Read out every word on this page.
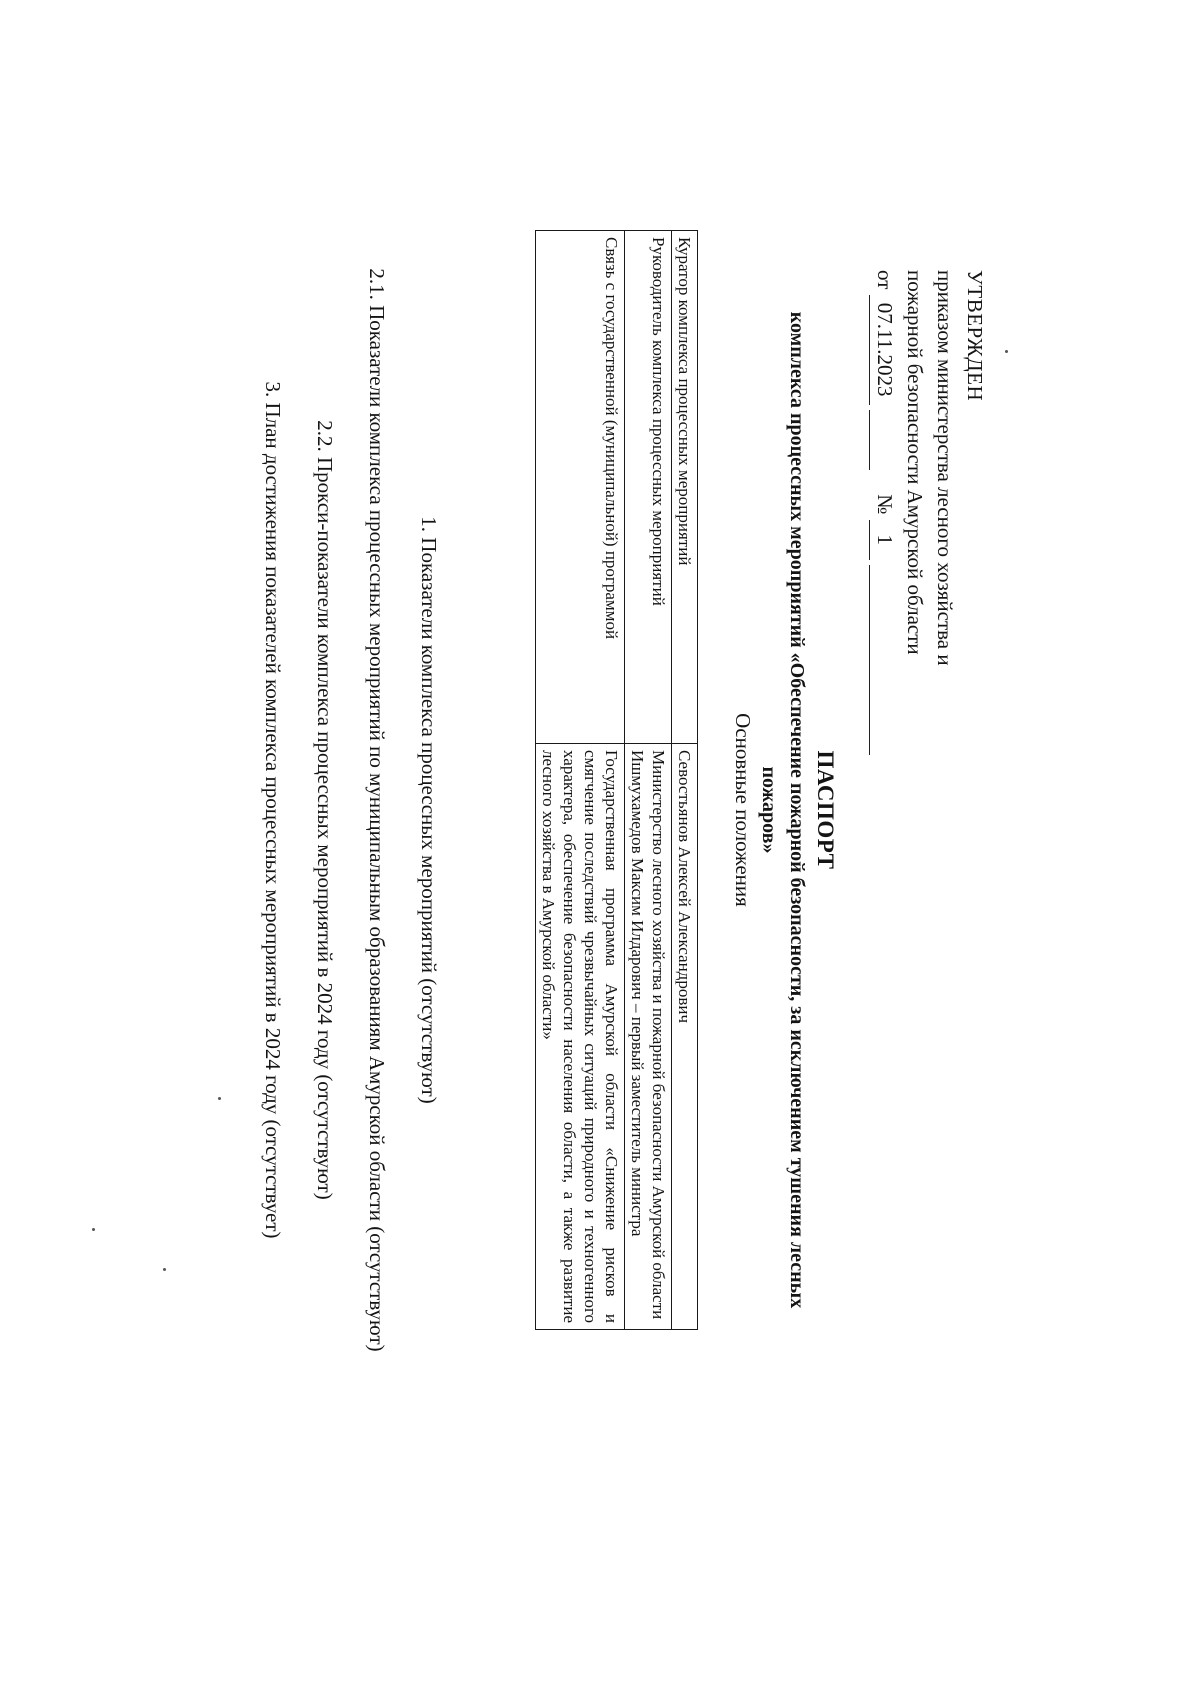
УТВЕРЖДЕН
приказом министерства лесного хозяйства и
пожарной безопасности Амурской области
от 07.11.2023   № 1
ПАСПОРТ
комплекса процессных мероприятий «Обеспечение пожарной безопасности, за исключением тушения лесных
пожаров»
Основные положения
Куратор комплекса процессных мероприятий	Севостьянов Алексей Александрович

Руководитель комплекса процессных мероприятий	Министерство лесного хозяйства и пожарной безопасности Амурской области
Ишмухамедов Максим Илдарович – первый заместитель министра

Связь с государственной (муниципальной) программой	Государственная программа Амурской области «Снижение рисков и смягчение последствий чрезвычайных ситуаций природного и техногенного характера, обеспечение безопасности населения области, а также развитие лесного хозяйства в Амурской области»
1. Показатели комплекса процессных мероприятий (отсутствуют)
2.1. Показатели комплекса процессных мероприятий по муниципальным образованиям Амурской области (отсутствуют)
2.2. Прокси-показатели комплекса процессных мероприятий в 2024 году (отсутствуют)
3. План достижения показателей комплекса процессных мероприятий в 2024 году (отсутствует)
